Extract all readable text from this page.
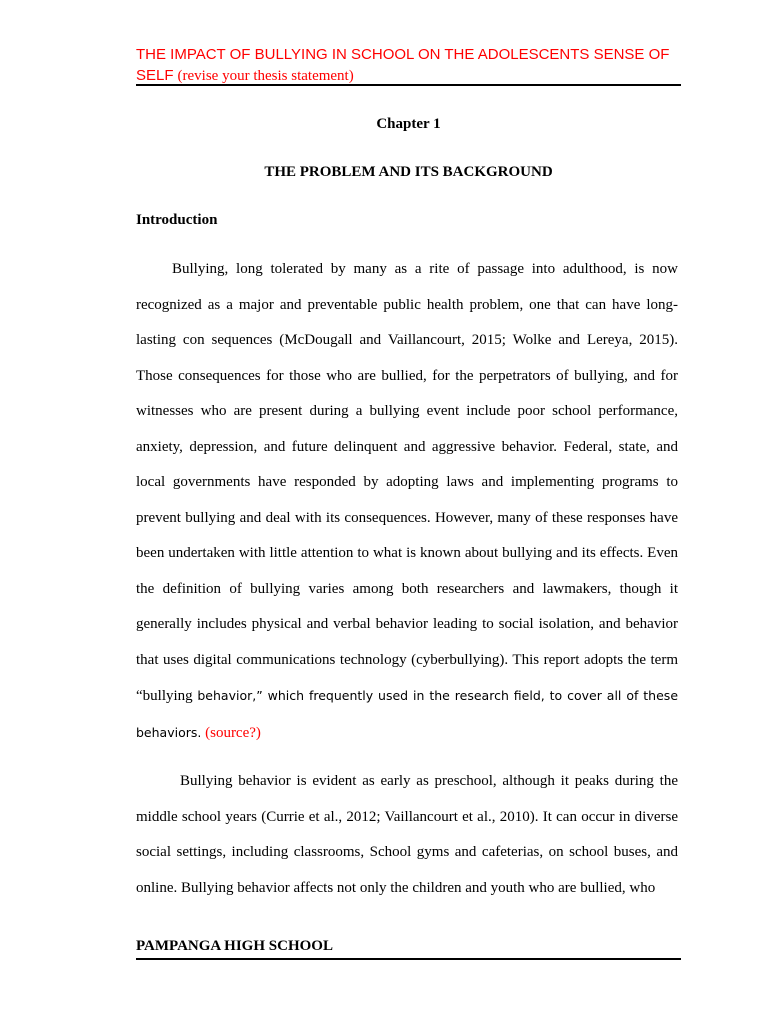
THE IMPACT OF BULLYING IN SCHOOL ON THE ADOLESCENTS SENSE OF SELF (revise your thesis statement)
Chapter 1
THE PROBLEM AND ITS BACKGROUND
Introduction
Bullying, long tolerated by many as a rite of passage into adulthood, is now recognized as a major and preventable public health problem, one that can have long-lasting con sequences (McDougall and Vaillancourt, 2015; Wolke and Lereya, 2015). Those consequences for those who are bullied, for the perpetrators of bullying, and for witnesses who are present during a bullying event include poor school performance, anxiety, depression, and future delinquent and aggressive behavior. Federal, state, and local governments have responded by adopting laws and implementing programs to prevent bullying and deal with its consequences. However, many of these responses have been undertaken with little attention to what is known about bullying and its effects. Even the definition of bullying varies among both researchers and lawmakers, though it generally includes physical and verbal behavior leading to social isolation, and behavior that uses digital communications technology (cyberbullying). This report adopts the term “bullying behavior,” which frequently used in the research field, to cover all of these behaviors. (source?)
Bullying behavior is evident as early as preschool, although it peaks during the middle school years (Currie et al., 2012; Vaillancourt et al., 2010). It can occur in diverse social settings, including classrooms, School gyms and cafeterias, on school buses, and online. Bullying behavior affects not only the children and youth who are bullied, who
PAMPANGA HIGH SCHOOL
